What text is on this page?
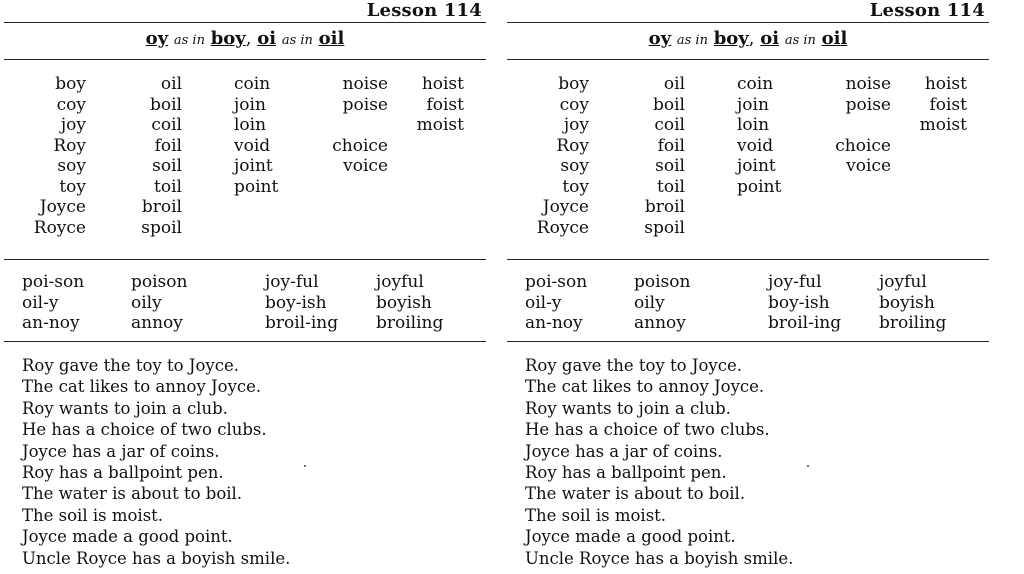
Lesson 114
oy as in boy, oi as in oil
boy
coy
joy
Roy
soy
toy
Joyce
Royce
oil
boil
coil
foil
soil
toil
broil
spoil
coin
join
loin
void
joint
point
noise
poise

choice
voice
hoist
foist
moist
poi-son
oil-y
an-noy
poison
oily
annoy
joy-ful
boy-ish
broil-ing
joyful
boyish
broiling
Roy gave the toy to Joyce.
The cat likes to annoy Joyce.
Roy wants to join a club.
He has a choice of two clubs.
Joyce has a jar of coins.
Roy has a ballpoint pen.
The water is about to boil.
The soil is moist.
Joyce made a good point.
Uncle Royce has a boyish smile.
Lesson 114
oy as in boy, oi as in oil
boy
coy
joy
Roy
soy
toy
Joyce
Royce
oil
boil
coil
foil
soil
toil
broil
spoil
coin
join
loin
void
joint
point
noise
poise

choice
voice
hoist
foist
moist
poi-son
oil-y
an-noy
poison
oily
annoy
joy-ful
boy-ish
broil-ing
joyful
boyish
broiling
Roy gave the toy to Joyce.
The cat likes to annoy Joyce.
Roy wants to join a club.
He has a choice of two clubs.
Joyce has a jar of coins.
Roy has a ballpoint pen.
The water is about to boil.
The soil is moist.
Joyce made a good point.
Uncle Royce has a boyish smile.
